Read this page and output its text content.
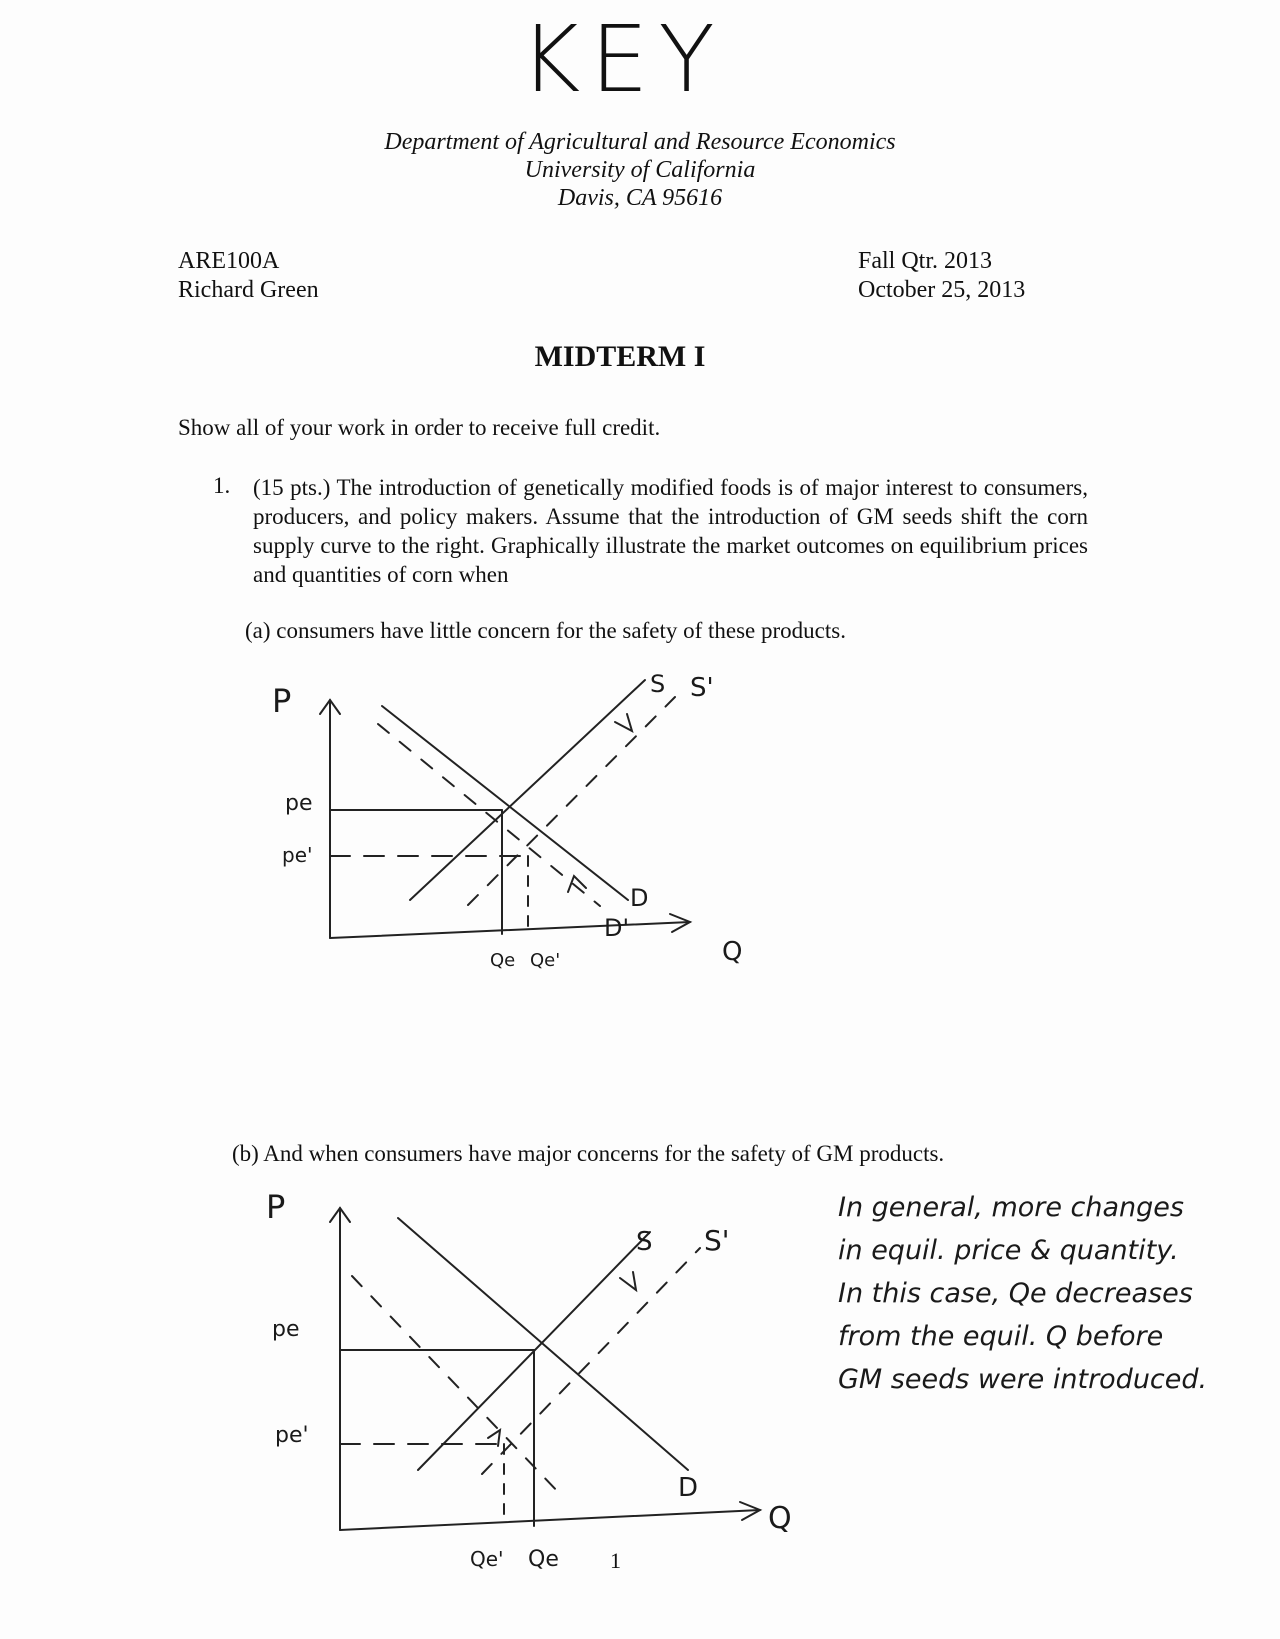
KEY
Department of Agricultural and Resource Economics
University of California
Davis, CA 95616
ARE100A
Richard Green
Fall Qtr. 2013
October 25, 2013
MIDTERM I
Show all of your work in order to receive full credit.
1. (15 pts.) The introduction of genetically modified foods is of major interest to consumers, producers, and policy makers. Assume that the introduction of GM seeds shift the corn supply curve to the right. Graphically illustrate the market outcomes on equilibrium prices and quantities of corn when
(a) consumers have little concern for the safety of these products.
(b) And when consumers have major concerns for the safety of GM products.
P
Q
S S'
D
D'
pe
pe'
Qe Qe'
P
Q
S S'
D
pe
pe'
Qe' Qe
In general, more changes
in equil. price & quantity.
In this case, Qe decreases
from the equil. Q before
GM seeds were introduced.
1
